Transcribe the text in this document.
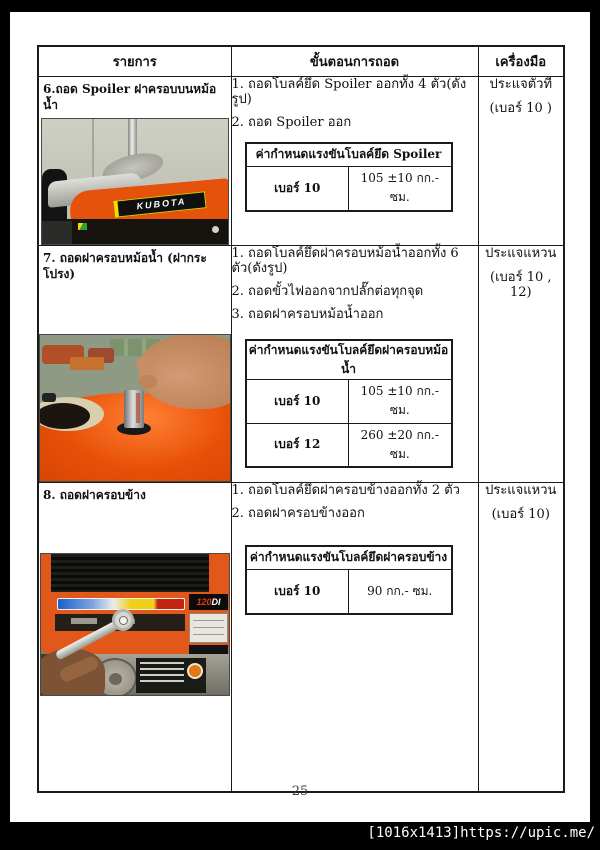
รายการ	ขั้นตอนการถอด	เครื่องมือ

6.ถอด Spoiler ฝาครอบบนหม้อน้ำ
KUBOTA

1. ถอดโบลค์ยึด Spoiler ออกทั้ง 4 ตัว(ดังรูป)
2. ถอด Spoiler ออก
ค่ากำหนดแรงขันโบลค์ยึด Spoiler
เบอร์ 10	105 ±10 กก.- ซม.

ประแจตัวที
(เบอร์ 10 )

7. ถอดฝาครอบหม้อน้ำ (ฝากระโปรง)

1. ถอดโบลค์ยึดฝาครอบหม้อน้ำออกทั้ง 6 ตัว(ดังรูป)
2. ถอดขั้วไฟออกจากปลั๊กต่อทุกจุด
3. ถอดฝาครอบหม้อน้ำออก
ค่ากำหนดแรงขันโบลค์ยึดฝาครอบหม้อน้ำ
เบอร์ 10	105 ±10 กก.- ซม.
เบอร์ 12	260 ±20 กก.- ซม.

ประแจแหวน
(เบอร์ 10 , 12)

8. ถอดฝาครอบข้าง
120DI

1. ถอดโบลค์ยึดฝาครอบข้างออกทั้ง 2 ตัว
2. ถอดฝาครอบข้างออก
ค่ากำหนดแรงขันโบลค์ยึดฝาครอบข้าง
เบอร์ 10	90 กก.- ซม.

ประแจแหวน
(เบอร์ 10)
25
[1016x1413]https://upic.me/
